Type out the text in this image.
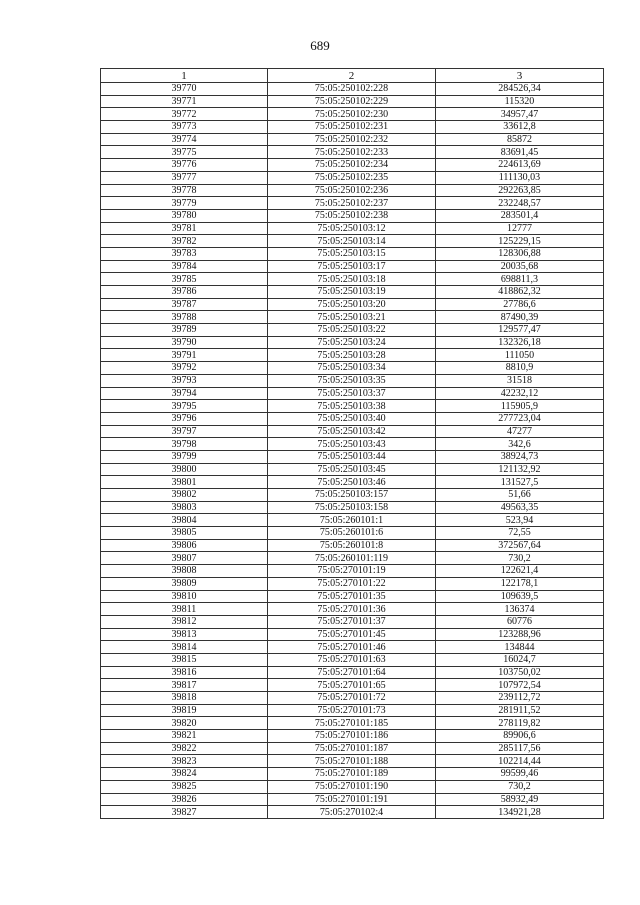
689
1	2	3
39770	75:05:250102:228	284526,34
39771	75:05:250102:229	115320
39772	75:05:250102:230	34957,47
39773	75:05:250102:231	33612,8
39774	75:05:250102:232	85872
39775	75:05:250102:233	83691,45
39776	75:05:250102:234	224613,69
39777	75:05:250102:235	111130,03
39778	75:05:250102:236	292263,85
39779	75:05:250102:237	232248,57
39780	75:05:250102:238	283501,4
39781	75:05:250103:12	12777
39782	75:05:250103:14	125229,15
39783	75:05:250103:15	128306,88
39784	75:05:250103:17	20035,68
39785	75:05:250103:18	698811,3
39786	75:05:250103:19	418862,32
39787	75:05:250103:20	27786,6
39788	75:05:250103:21	87490,39
39789	75:05:250103:22	129577,47
39790	75:05:250103:24	132326,18
39791	75:05:250103:28	111050
39792	75:05:250103:34	8810,9
39793	75:05:250103:35	31518
39794	75:05:250103:37	42232,12
39795	75:05:250103:38	115905,9
39796	75:05:250103:40	277723,04
39797	75:05:250103:42	47277
39798	75:05:250103:43	342,6
39799	75:05:250103:44	38924,73
39800	75:05:250103:45	121132,92
39801	75:05:250103:46	131527,5
39802	75:05:250103:157	51,66
39803	75:05:250103:158	49563,35
39804	75:05:260101:1	523,94
39805	75:05:260101:6	72,55
39806	75:05:260101:8	372567,64
39807	75:05:260101:119	730,2
39808	75:05:270101:19	122621,4
39809	75:05:270101:22	122178,1
39810	75:05:270101:35	109639,5
39811	75:05:270101:36	136374
39812	75:05:270101:37	60776
39813	75:05:270101:45	123288,96
39814	75:05:270101:46	134844
39815	75:05:270101:63	16024,7
39816	75:05:270101:64	103750,02
39817	75:05:270101:65	107972,54
39818	75:05:270101:72	239112,72
39819	75:05:270101:73	281911,52
39820	75:05:270101:185	278119,82
39821	75:05:270101:186	89906,6
39822	75:05:270101:187	285117,56
39823	75:05:270101:188	102214,44
39824	75:05:270101:189	99599,46
39825	75:05:270101:190	730,2
39826	75:05:270101:191	58932,49
39827	75:05:270102:4	134921,28
